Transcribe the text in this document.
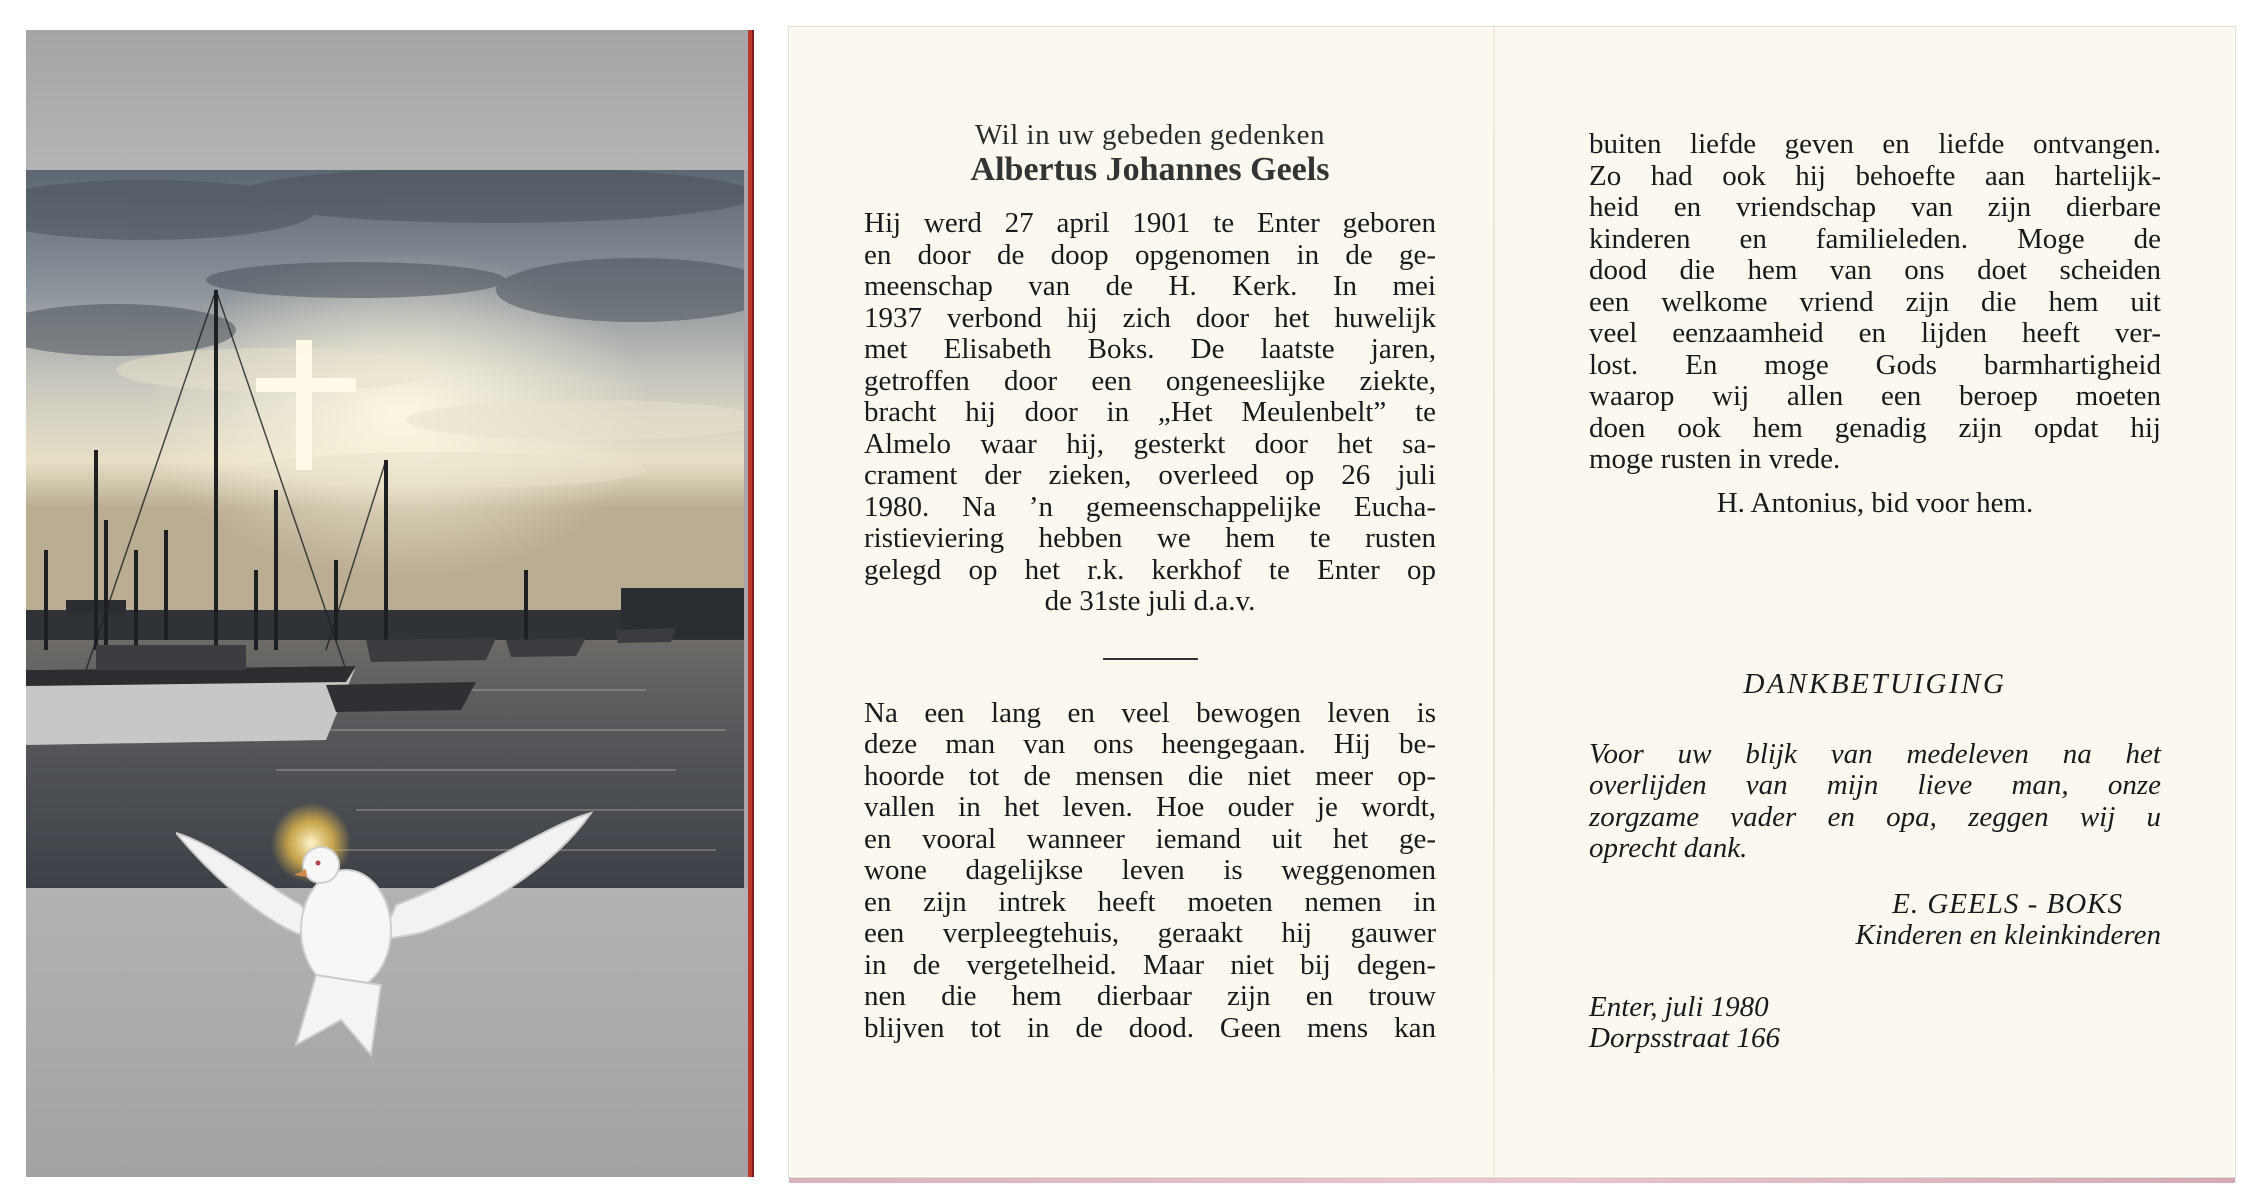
Wil in uw gebeden gedenken
Albertus Johannes Geels

Hij werd 27 april 1901 te Enter geboren

en door de doop opgenomen in de ge-

meenschap van de H. Kerk. In mei

1937 verbond hij zich door het huwelijk

met Elisabeth Boks. De laatste jaren,

getroffen door een ongeneeslijke ziekte,

bracht hij door in „Het Meulenbelt” te

Almelo waar hij, gesterkt door het sa-

crament der zieken, overleed op 26 juli

1980. Na ’n gemeenschappelijke Eucha-

ristieviering hebben we hem te rusten

gelegd op het r.k. kerkhof te Enter op

de 31ste juli d.a.v.

Na een lang en veel bewogen leven is

deze man van ons heengegaan. Hij be-

hoorde tot de mensen die niet meer op-

vallen in het leven. Hoe ouder je wordt,

en vooral wanneer iemand uit het ge-

wone dagelijkse leven is weggenomen

en zijn intrek heeft moeten nemen in

een verpleegtehuis, geraakt hij gauwer

in de vergetelheid. Maar niet bij degen-

nen die hem dierbaar zijn en trouw

blijven tot in de dood. Geen mens kan

buiten liefde geven en liefde ontvangen.

Zo had ook hij behoefte aan hartelijk-

heid en vriendschap van zijn dierbare

kinderen en familieleden. Moge de

dood die hem van ons doet scheiden

een welkome vriend zijn die hem uit

veel eenzaamheid en lijden heeft ver-

lost. En moge Gods barmhartigheid

waarop wij allen een beroep moeten

doen ook hem genadig zijn opdat hij

moge rusten in vrede.

H. Antonius, bid voor hem.

DANKBETUIGING

Voor uw blijk van medeleven na het

overlijden van mijn lieve man, onze

zorgzame vader en opa, zeggen wij u

oprecht dank.

E. GEELS - BOKS
Kinderen en kleinkinderen
Enter, juli 1980
Dorpsstraat 166
